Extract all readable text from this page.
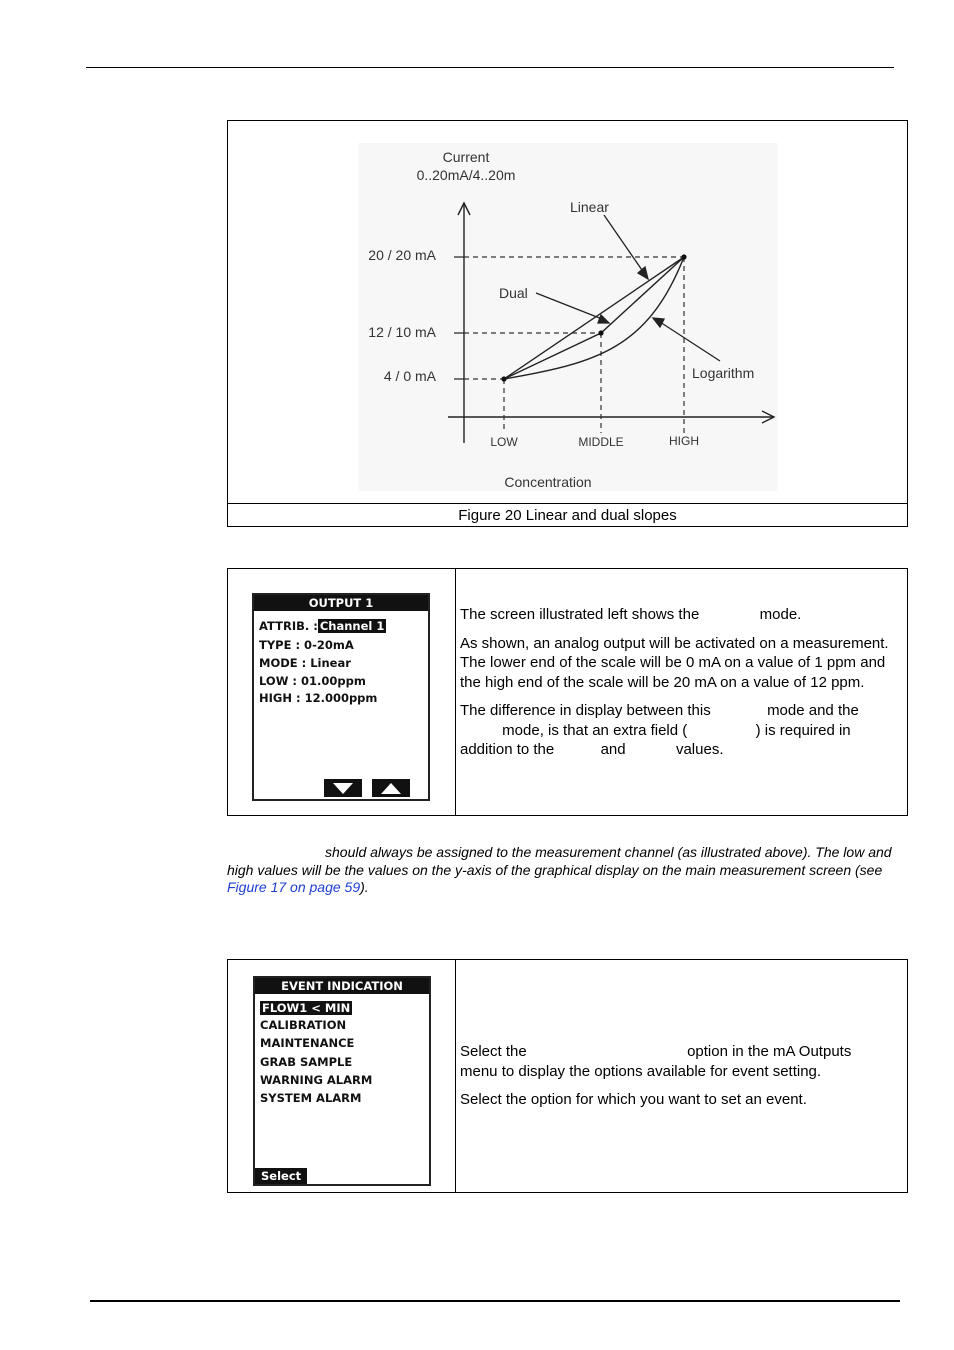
Current
0..20mA/4..20m
20 / 20 mA
12 / 10 mA
4 / 0 mA
LOW	MIDDLE	HIGH
Linear
Dual
Logarithm
Concentration
Figure 20 Linear and dual slopes
OUTPUT 1
ATTRIB. : Channel 1
TYPE : 0-20mA
MODE : Linear
LOW : 01.00ppm
HIGH : 12.000ppm

The screen illustrated left shows the	mode.

As shown, an analog output will be activated on a measurement. The lower end of the scale will be 0 mA on a value of 1 ppm and the high end of the scale will be 20 mA on a value of 12 ppm.

The difference in display between this	mode and the
mode, is that an extra field (	) is required in
addition to the	and	values.

should always be assigned to the measurement channel (as illustrated above). The low and high values will be the values on the y-axis of the graphical display on the main measurement screen (see Figure 17 on page 59).
EVENT INDICATION
FLOW1 < MIN
CALIBRATION
MAINTENANCE
GRAB SAMPLE
WARNING ALARM
SYSTEM ALARM
Select

Select the	option in the mA Outputs
menu to display the options available for event setting.

Select the option for which you want to set an event.
